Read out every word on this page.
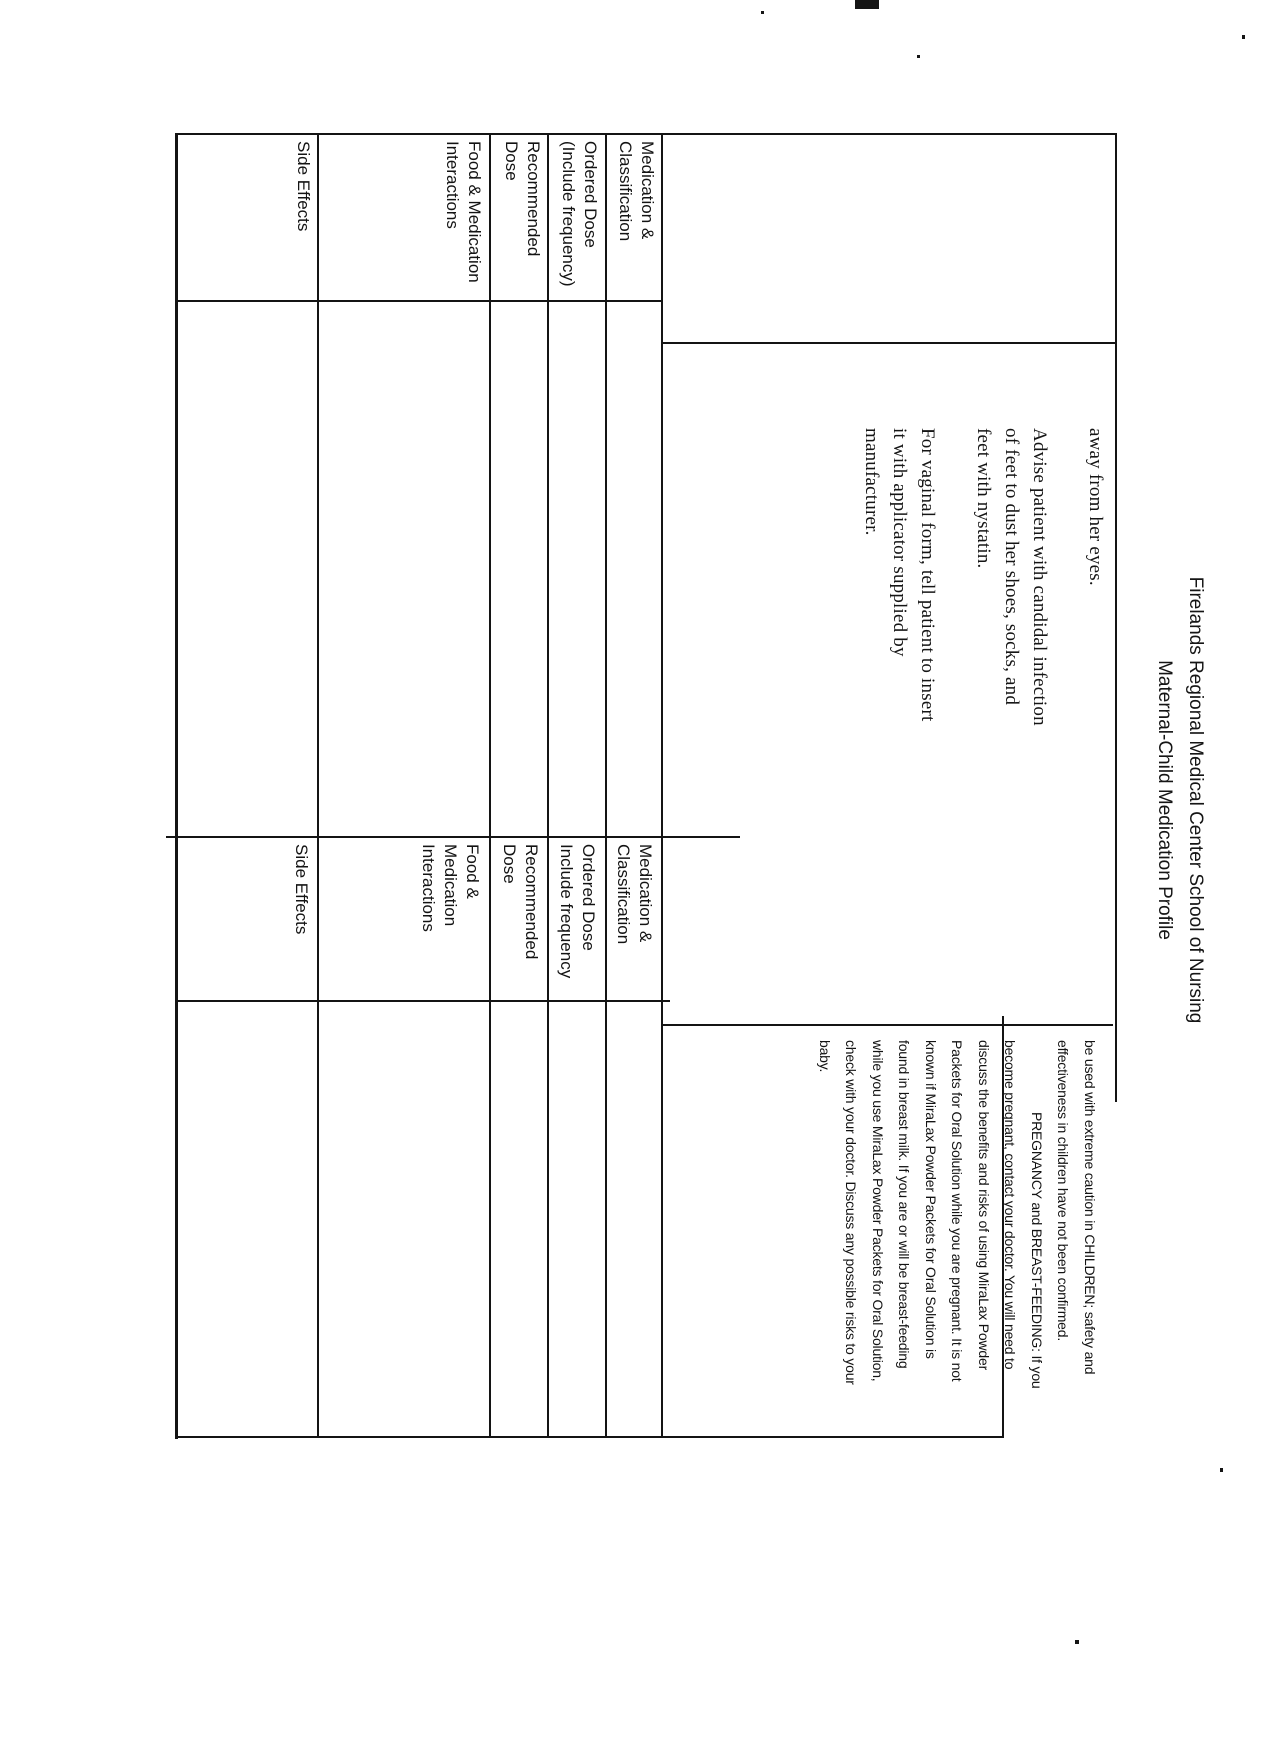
Firelands Regional Medical Center School of Nursing
Maternal-Child Medication Profile

away from her eyes.

Advise patient with candidal infection
of feet to dust her shoes, socks, and
feet with nystatin.

For vaginal form, tell patient to insert
it with applicator supplied by
manufacturer.

be used with extreme caution in CHILDREN; safety and
effectiveness in children have not been confirmed.
PREGNANCY and BREAST-FEEDING: If you
become pregnant, contact your doctor. You will need to
discuss the benefits and risks of using MiraLax Powder
Packets for Oral Solution while you are pregnant. It is not
known if MiraLax Powder Packets for Oral Solution is
found in breast milk. If you are or will be breast-feeding
while you use MiraLax Powder Packets for Oral Solution,
check with your doctor. Discuss any possible risks to your
baby.
Medication &
Classification
Ordered Dose
(Include frequency)
Recommended
Dose
Food & Medication
Interactions
Side Effects
Medication &
Classification
Ordered Dose
Include frequency
Recommended
Dose
Food &
Medication
Interactions
Side Effects
